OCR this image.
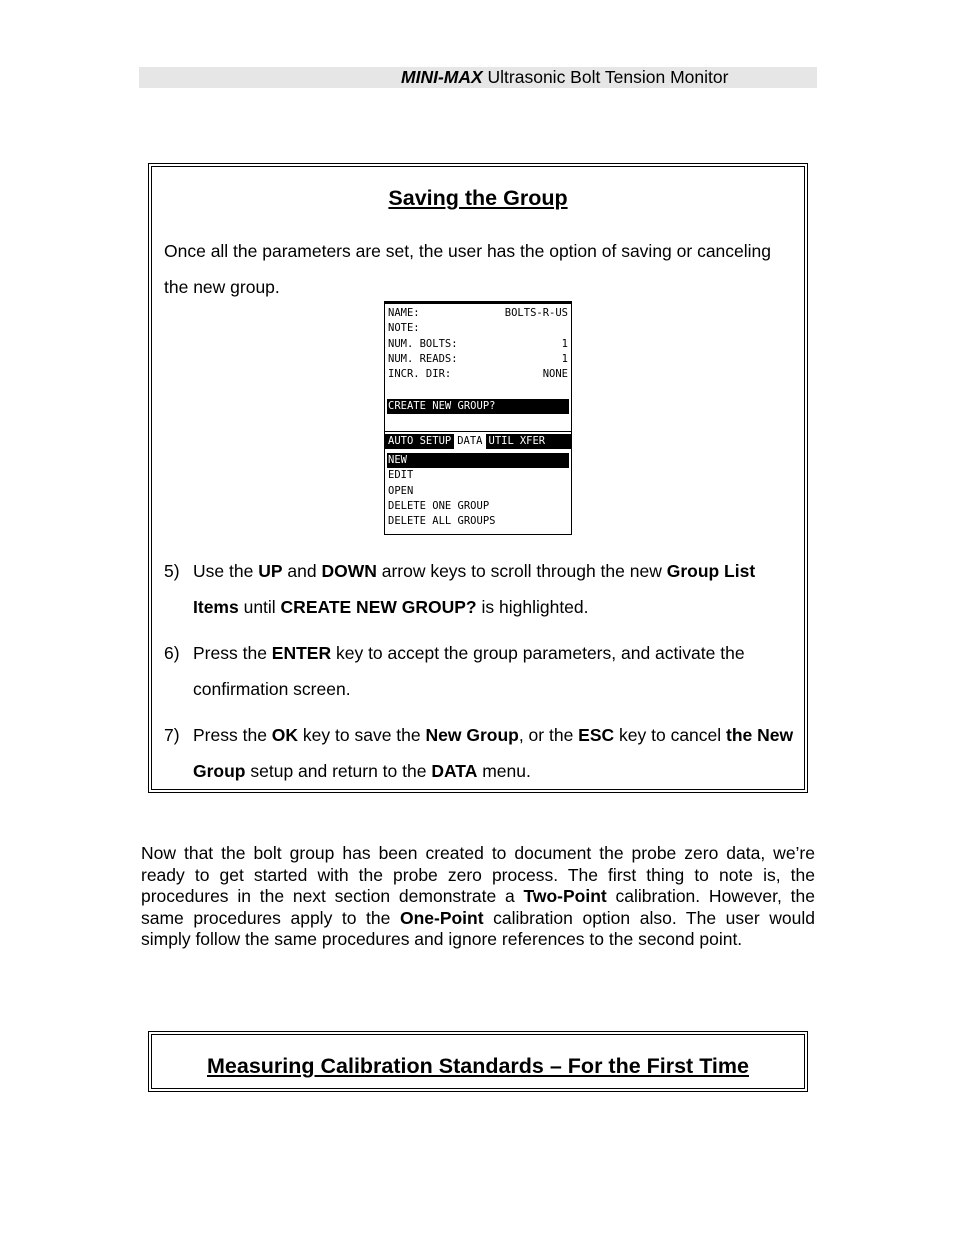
MINI-MAX Ultrasonic Bolt Tension Monitor
Saving the Group
Once all the parameters are set, the user has the option of saving or canceling the new group.
NAME:	BOLTS-R-US
NOTE:
NUM. BOLTS:	1
NUM. READS:	1
INCR. DIR:	NONE
CREATE NEW GROUP?
AUTO SETUP DATA UTIL XFER
NEW
EDIT
OPEN
DELETE ONE GROUP
DELETE ALL GROUPS
5) Use the UP and DOWN arrow keys to scroll through the new Group List Items until CREATE NEW GROUP? is highlighted.
6) Press the ENTER key to accept the group parameters, and activate the confirmation screen.
7) Press the OK key to save the New Group, or the ESC key to cancel the New Group setup and return to the DATA menu.
Now that the bolt group has been created to document the probe zero data, we’re ready to get started with the probe zero process. The first thing to note is, the procedures in the next section demonstrate a Two-Point calibration. However, the same procedures apply to the One-Point calibration option also. The user would simply follow the same procedures and ignore references to the second point.
Measuring Calibration Standards – For the First Time
